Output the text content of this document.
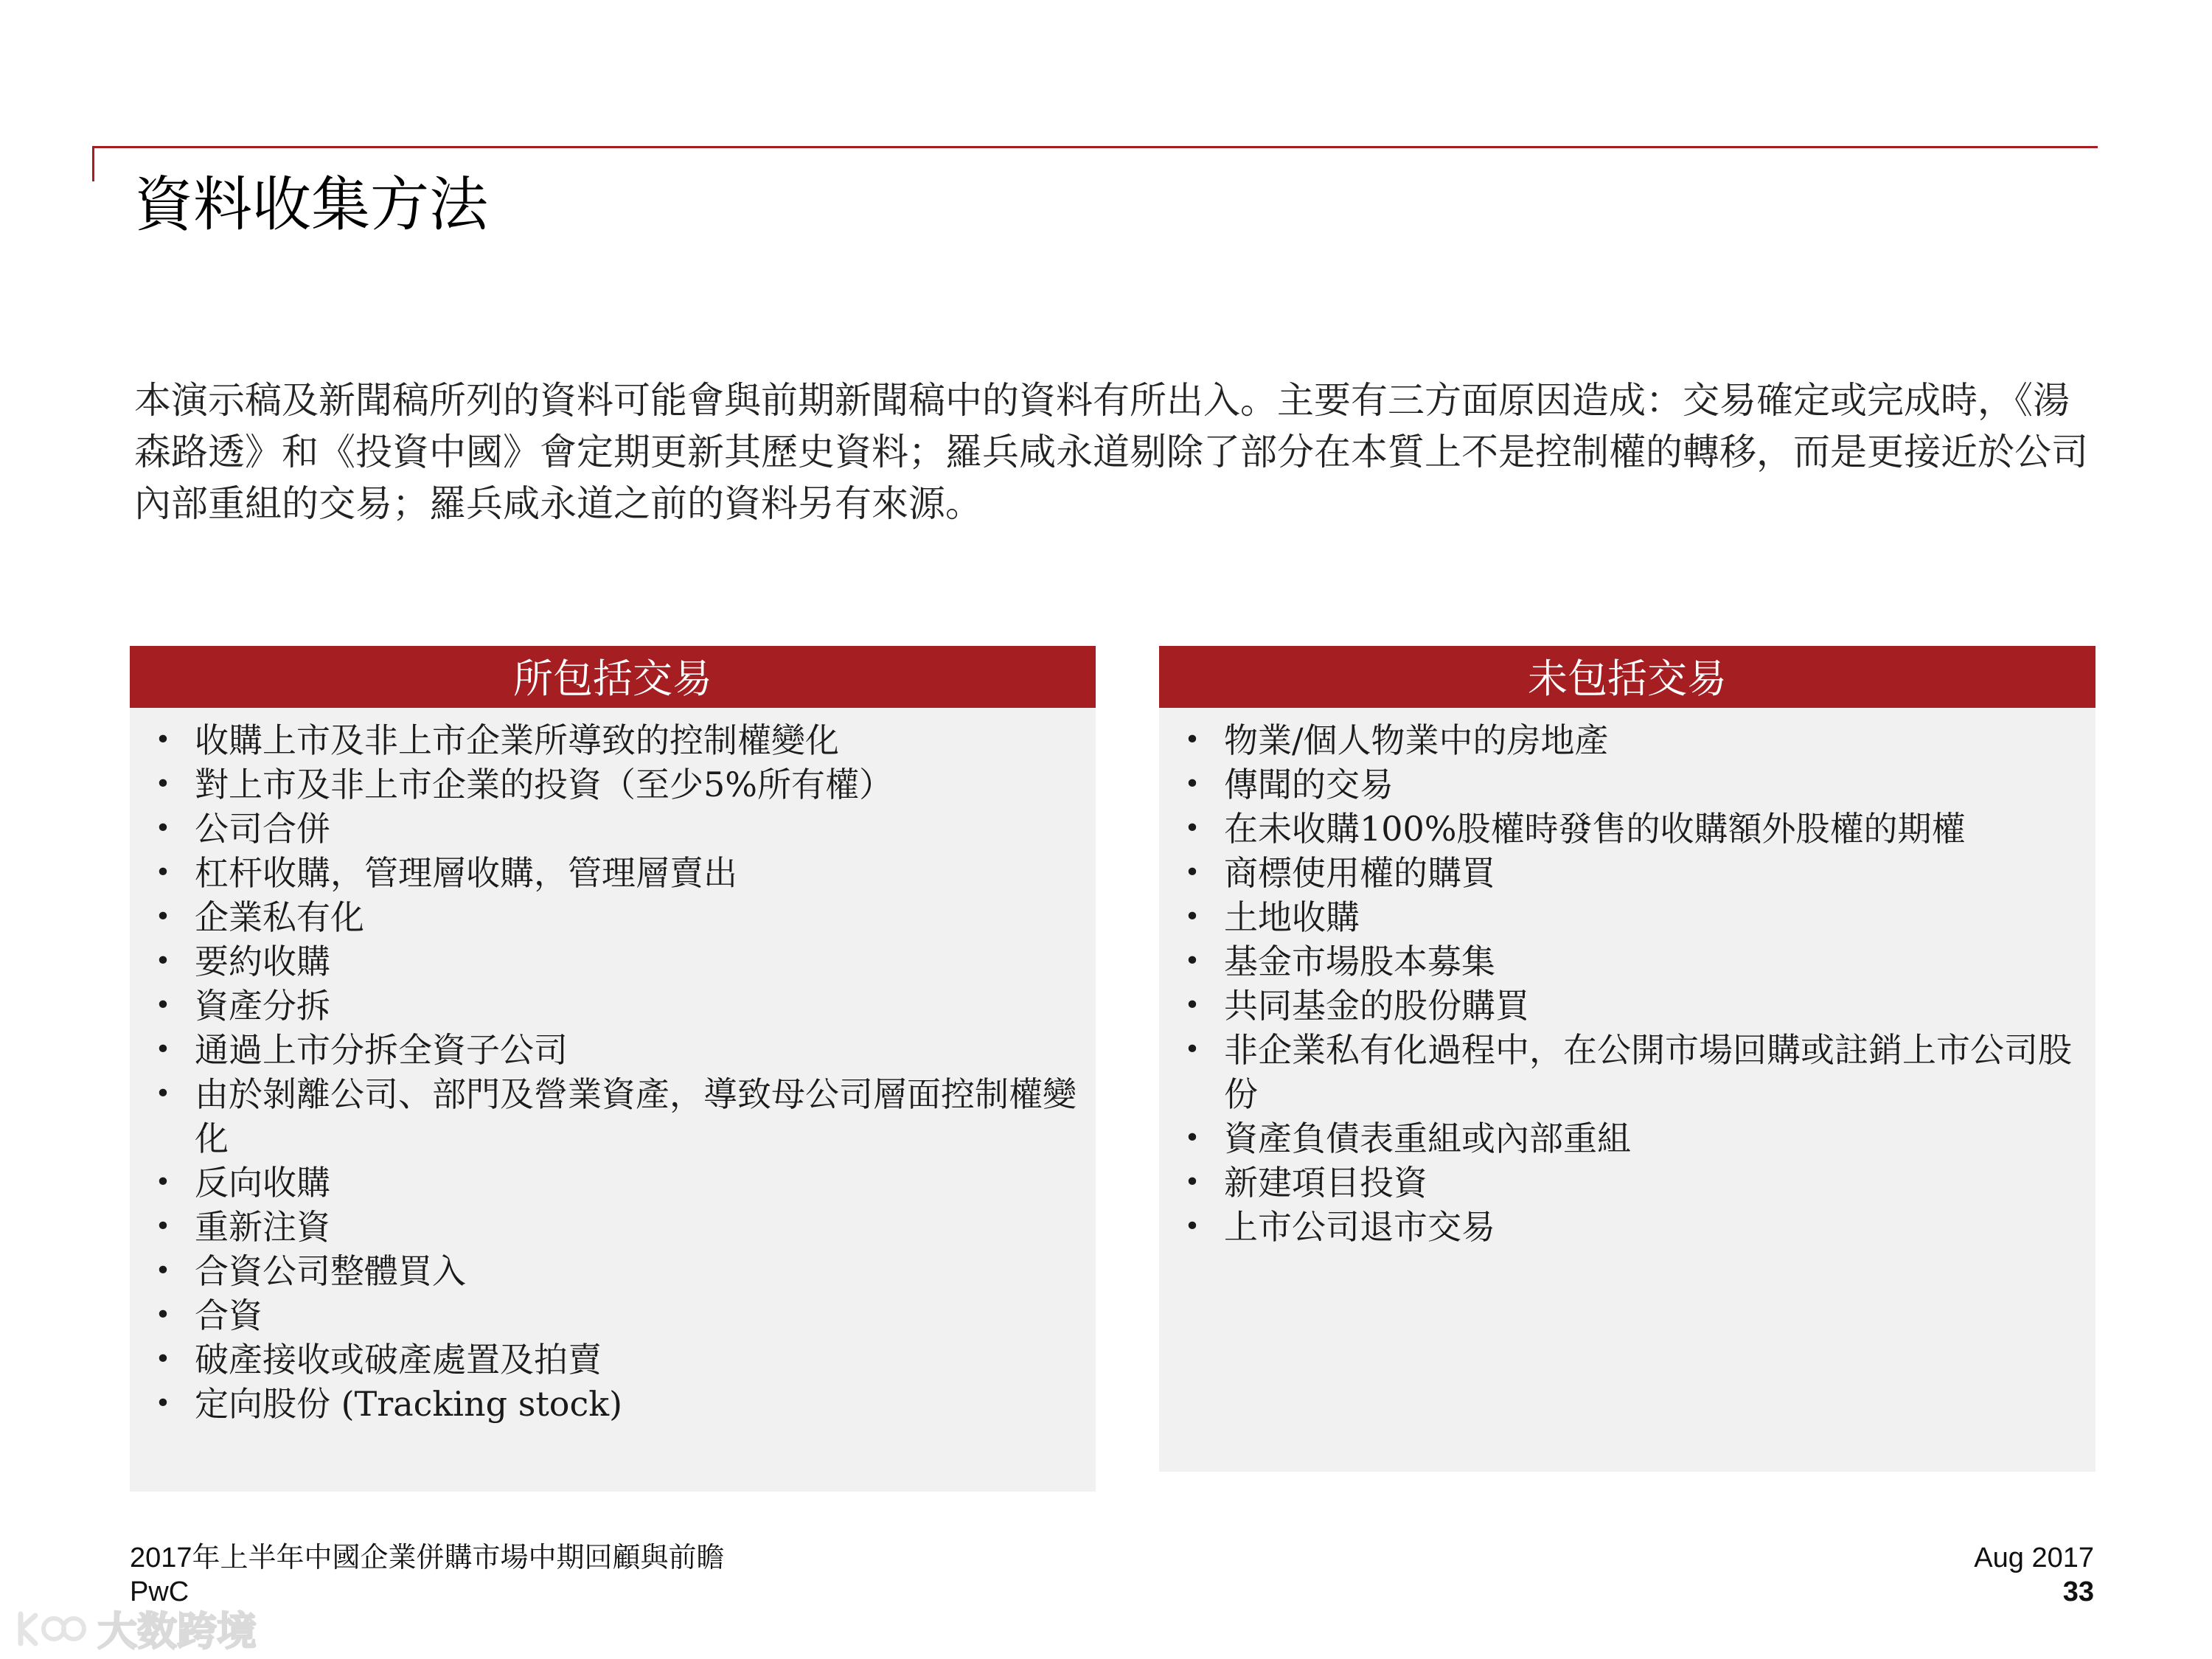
資料收集方法
本演示稿及新聞稿所列的資料可能會與前期新聞稿中的資料有所出入。主要有三方面原因造成：交易確定或完成時，《湯森路透》和《投資中國》會定期更新其歷史資料；羅兵咸永道剔除了部分在本質上不是控制權的轉移，而是更接近於公司內部重組的交易；羅兵咸永道之前的資料另有來源。
所包括交易
• 收購上市及非上市企業所導致的控制權變化
• 對上市及非上市企業的投資（至少5%所有權）
• 公司合併
• 杠杆收購，管理層收購，管理層賣出
• 企業私有化
• 要約收購
• 資產分拆
• 通過上市分拆全資子公司
• 由於剝離公司、部門及營業資產，導致母公司層面控制權變化
• 反向收購
• 重新注資
• 合資公司整體買入
• 合資
• 破產接收或破產處置及拍賣
• 定向股份 (Tracking stock)
未包括交易
• 物業/個人物業中的房地產
• 傳聞的交易
• 在未收購100%股權時發售的收購額外股權的期權
• 商標使用權的購買
• 土地收購
• 基金市場股本募集
• 共同基金的股份購買
• 非企業私有化過程中，在公開市場回購或註銷上市公司股份
• 資產負債表重組或內部重組
• 新建項目投資
• 上市公司退市交易
2017年上半年中國企業併購市場中期回顧與前瞻
PwC
Aug 2017
33
大数跨境
